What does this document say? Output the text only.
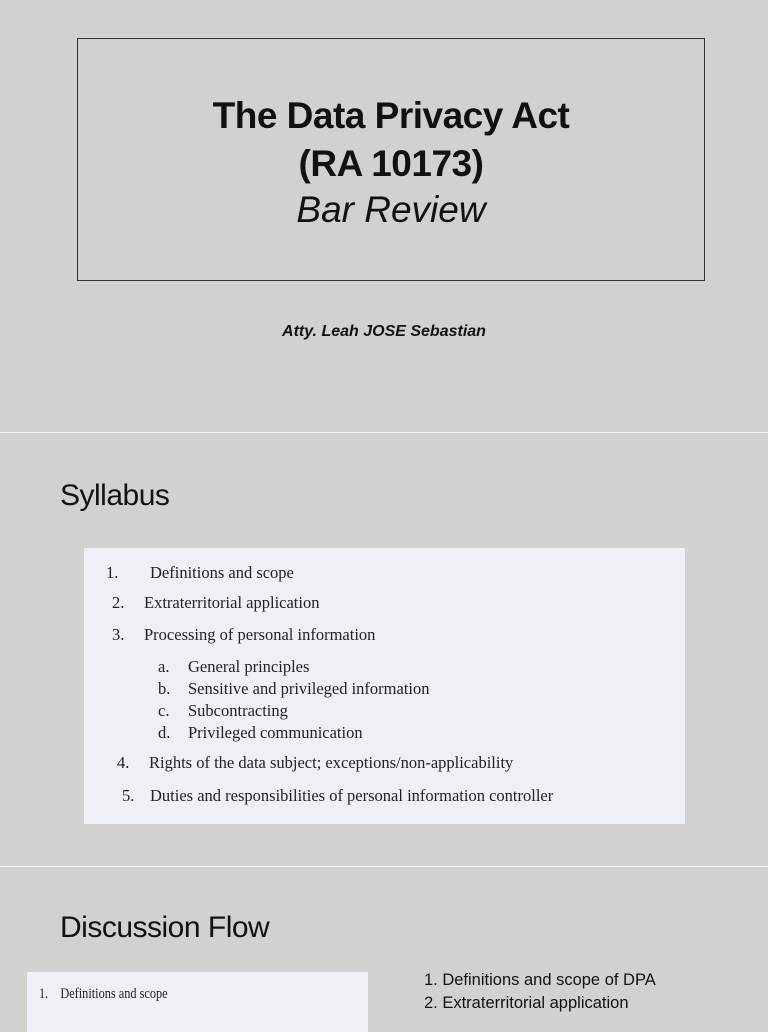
The Data Privacy Act
(RA 10173)
Bar Review
Atty. Leah JOSE Sebastian
Syllabus
1. Definitions and scope
2. Extraterritorial application
3. Processing of personal information
a. General principles
b. Sensitive and privileged information
c. Subcontracting
d. Privileged communication
4. Rights of the data subject; exceptions/non-applicability
5. Duties and responsibilities of personal information controller
Discussion Flow
1. Definitions and scope
1. Definitions and scope of DPA
2. Extraterritorial application
